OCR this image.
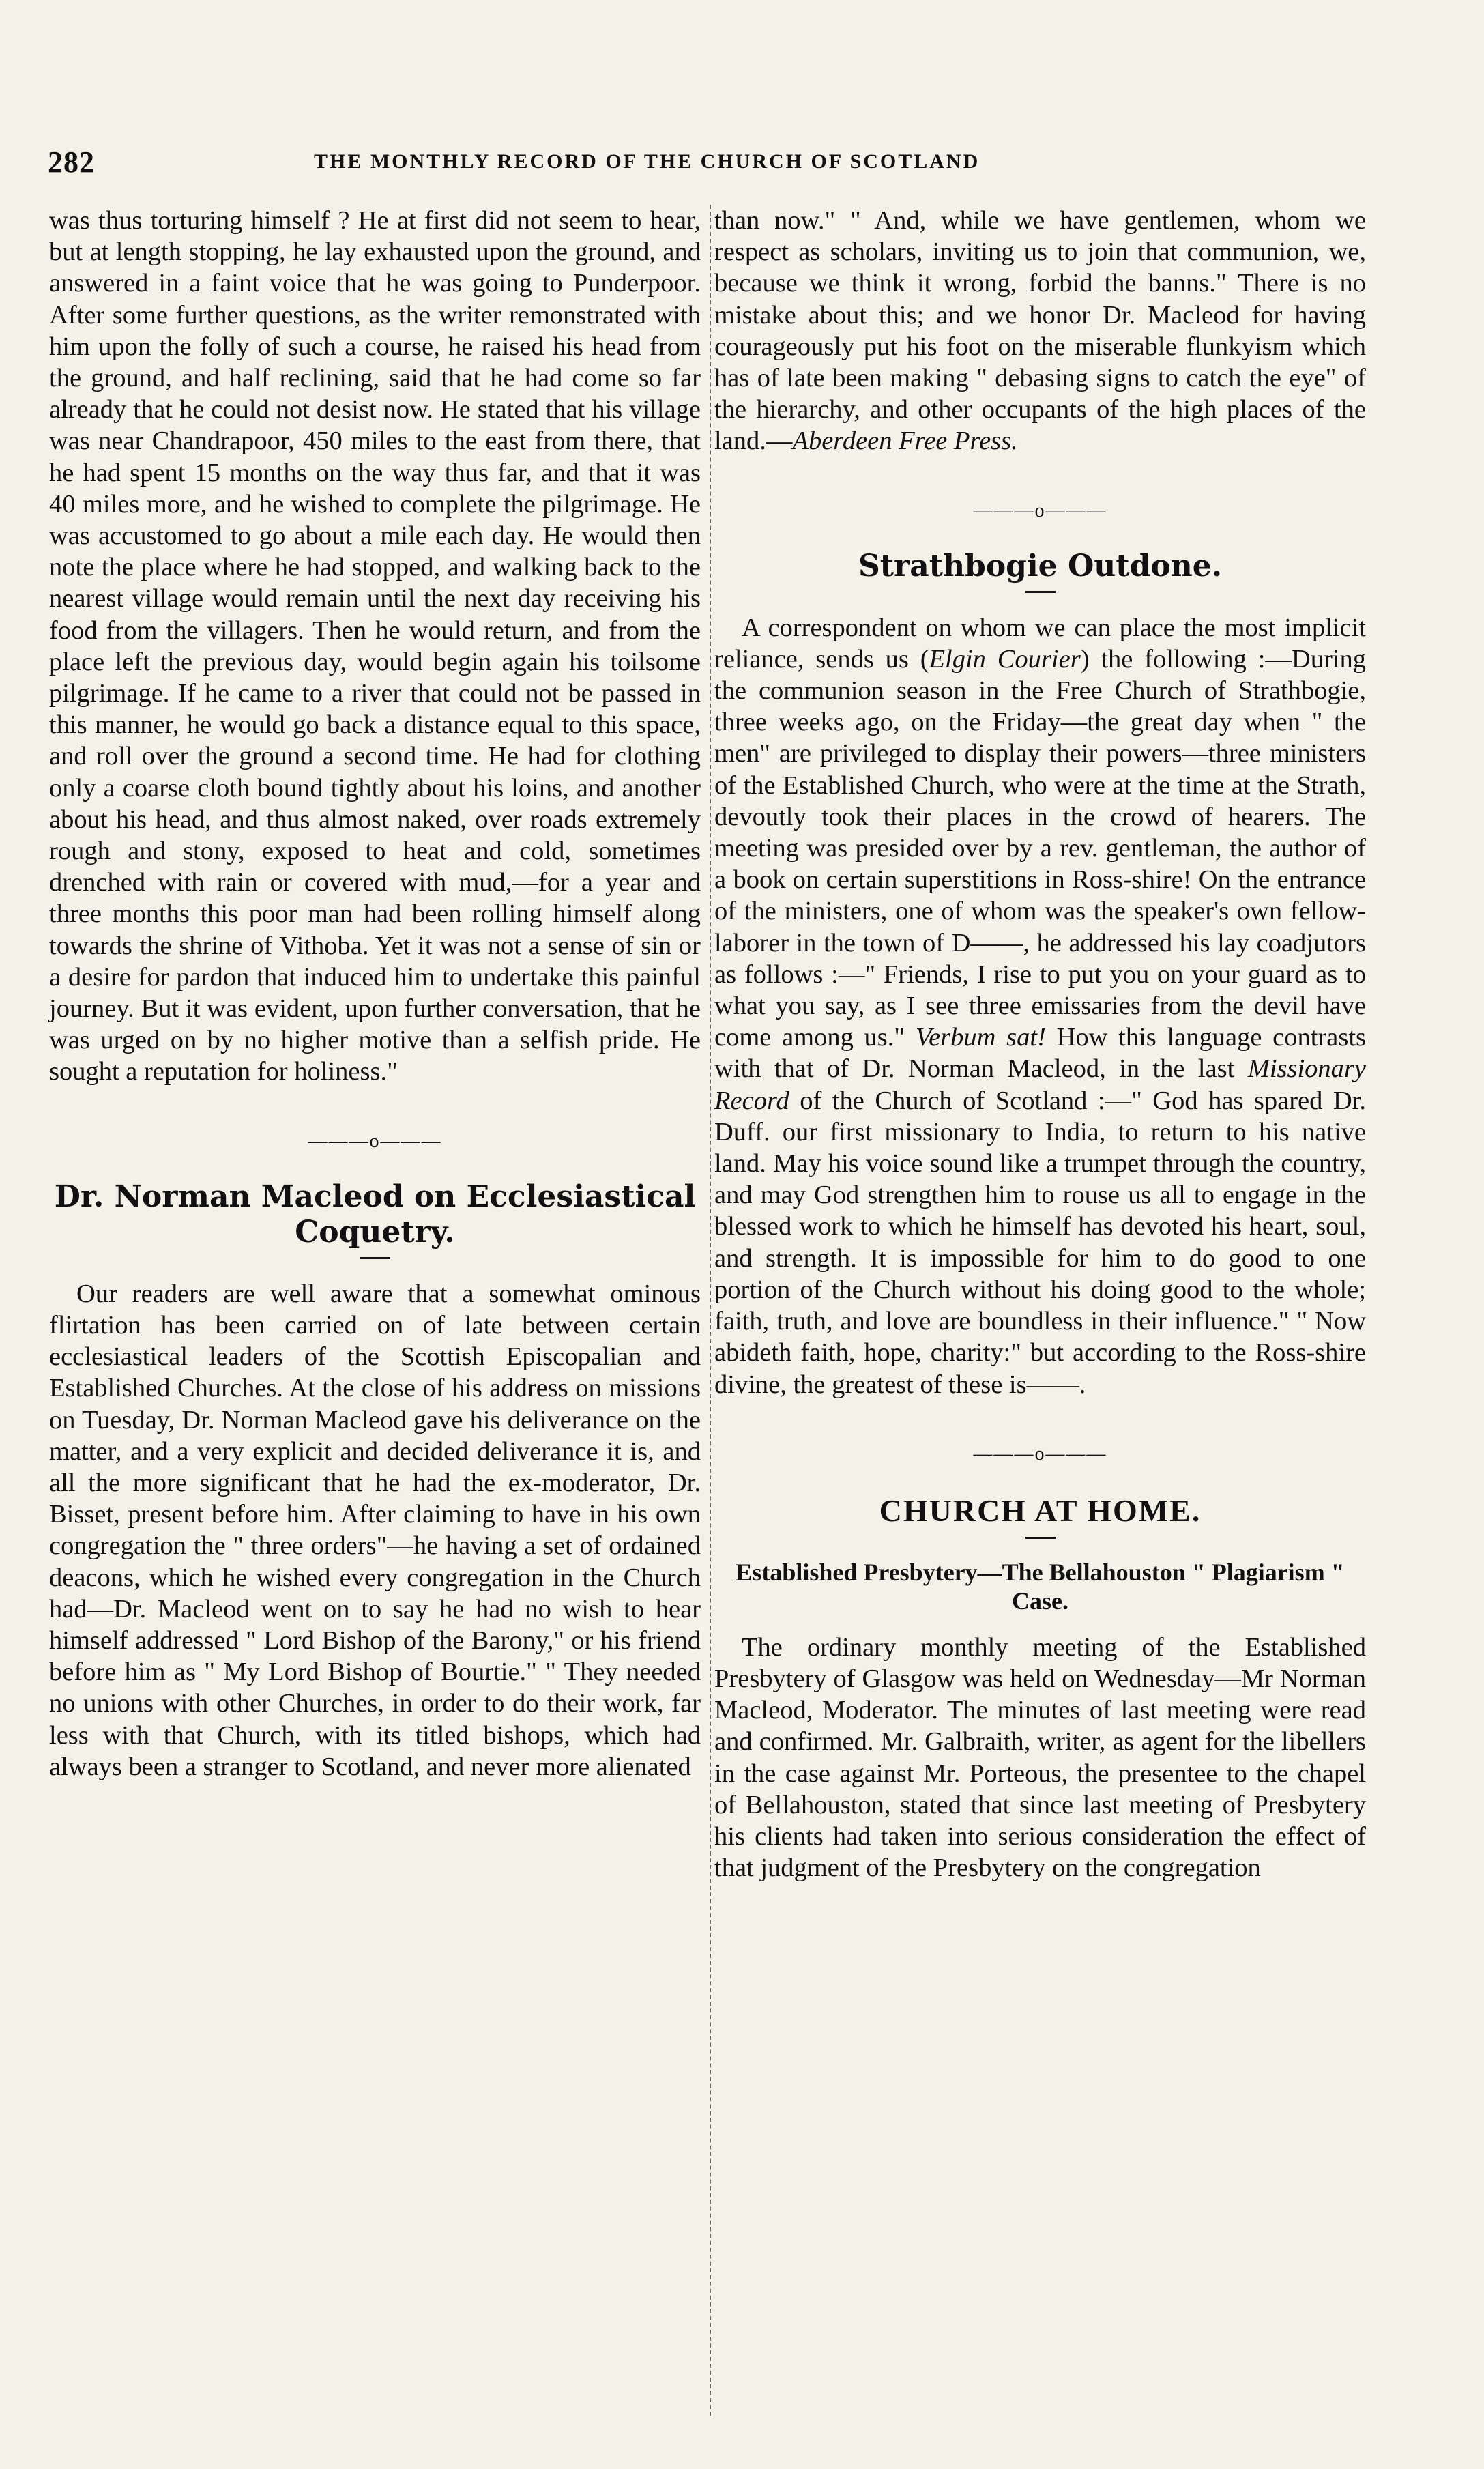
282	THE MONTHLY RECORD OF THE CHURCH OF SCOTLAND

was thus torturing himself ? He at first did not seem to hear, but at length stopping, he lay exhausted upon the ground, and answered in a faint voice that he was going to Punderpoor. After some further questions, as the writer remonstrated with him upon the folly of such a course, he raised his head from the ground, and half reclining, said that he had come so far already that he could not desist now. He stated that his village was near Chandrapoor, 450 miles to the east from there, that he had spent 15 months on the way thus far, and that it was 40 miles more, and he wished to complete the pilgrimage. He was accustomed to go about a mile each day. He would then note the place where he had stopped, and walking back to the nearest village would remain until the next day receiving his food from the villagers. Then he would return, and from the place left the previous day, would begin again his toilsome pilgrimage. If he came to a river that could not be passed in this manner, he would go back a distance equal to this space, and roll over the ground a second time. He had for clothing only a coarse cloth bound tightly about his loins, and another about his head, and thus almost naked, over roads extremely rough and stony, exposed to heat and cold, sometimes drenched with rain or covered with mud,—for a year and three months this poor man had been rolling himself along towards the shrine of Vithoba. Yet it was not a sense of sin or a desire for pardon that induced him to undertake this painful journey. But it was evident, upon further conversation, that he was urged on by no higher motive than a selfish pride. He sought a reputation for holiness."

———o———
Dr. Norman Macleod on Ecclesiastical Coquetry.

Our readers are well aware that a somewhat ominous flirtation has been carried on of late between certain ecclesiastical leaders of the Scottish Episcopalian and Established Churches. At the close of his address on missions on Tuesday, Dr. Norman Macleod gave his deliverance on the matter, and a very explicit and decided deliverance it is, and all the more significant that he had the ex-moderator, Dr. Bisset, present before him. After claiming to have in his own congregation the " three orders"—he having a set of ordained deacons, which he wished every congregation in the Church had—Dr. Macleod went on to say he had no wish to hear himself addressed " Lord Bishop of the Barony," or his friend before him as " My Lord Bishop of Bourtie." " They needed no unions with other Churches, in order to do their work, far less with that Church, with its titled bishops, which had always been a stranger to Scotland, and never more alienated

than now." " And, while we have gentlemen, whom we respect as scholars, inviting us to join that communion, we, because we think it wrong, forbid the banns." There is no mistake about this; and we honor Dr. Macleod for having courageously put his foot on the miserable flunkyism which has of late been making " debasing signs to catch the eye" of the hierarchy, and other occupants of the high places of the land.—Aberdeen Free Press.

———o———
Strathbogie Outdone.

A correspondent on whom we can place the most implicit reliance, sends us (Elgin Courier) the following :—During the communion season in the Free Church of Strathbogie, three weeks ago, on the Friday—the great day when " the men" are privileged to display their powers—three ministers of the Established Church, who were at the time at the Strath, devoutly took their places in the crowd of hearers. The meeting was presided over by a rev. gentleman, the author of a book on certain superstitions in Ross-shire! On the entrance of the ministers, one of whom was the speaker's own fellow-laborer in the town of D——, he addressed his lay coadjutors as follows :—" Friends, I rise to put you on your guard as to what you say, as I see three emissaries from the devil have come among us." Verbum sat! How this language contrasts with that of Dr. Norman Macleod, in the last Missionary Record of the Church of Scotland :—" God has spared Dr. Duff. our first missionary to India, to return to his native land. May his voice sound like a trumpet through the country, and may God strengthen him to rouse us all to engage in the blessed work to which he himself has devoted his heart, soul, and strength. It is impossible for him to do good to one portion of the Church without his doing good to the whole; faith, truth, and love are boundless in their influence." " Now abideth faith, hope, charity:" but according to the Ross-shire divine, the greatest of these is——.

———o———
CHURCH AT HOME.
Established Presbytery—The Bellahouston " Plagiarism " Case.

The ordinary monthly meeting of the Established Presbytery of Glasgow was held on Wednesday—Mr Norman Macleod, Moderator. The minutes of last meeting were read and confirmed. Mr. Galbraith, writer, as agent for the libellers in the case against Mr. Porteous, the presentee to the chapel of Bellahouston, stated that since last meeting of Presbytery his clients had taken into serious consideration the effect of that judgment of the Presbytery on the congregation
